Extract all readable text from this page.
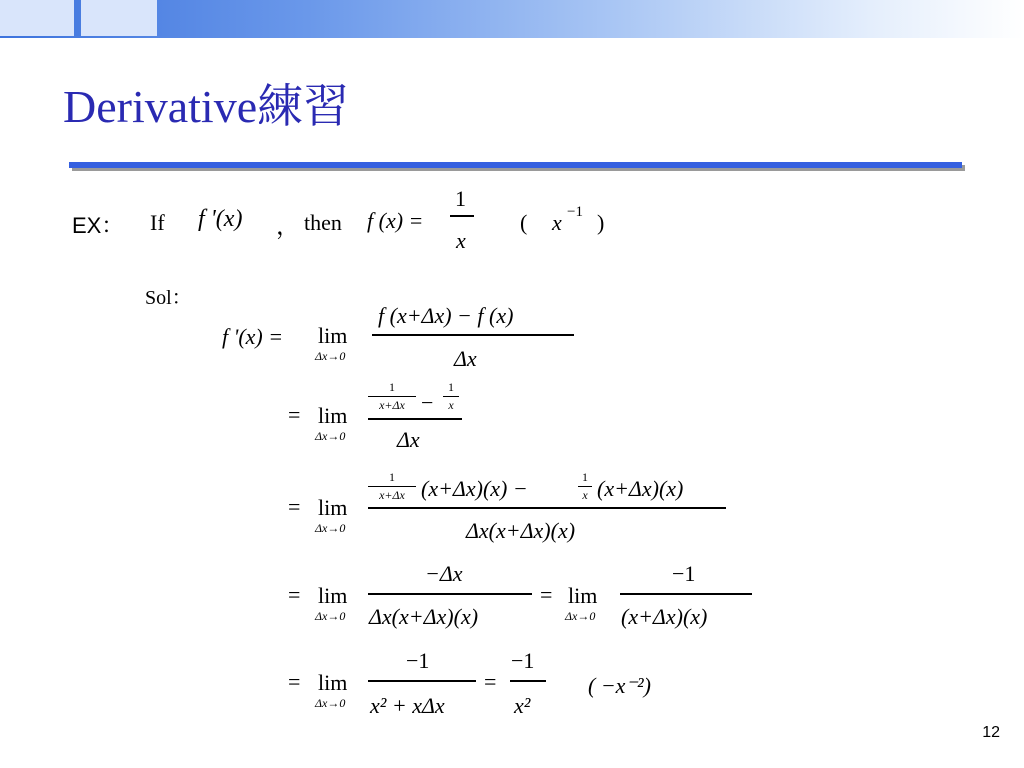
Derivative練習
EX： If f '(x) ， then f (x) =
1
x
( x −1 )
Sol：
f '(x) = lim
Δx→0
f (x+Δx) − f (x)
Δx
= lim
Δx→0
1
x+Δx −
1
x
Δx
= lim
Δx→0
1
x+Δx (x+Δx)(x) −	1
x (x+Δx)(x)
Δx(x+Δx)(x)
= lim
Δx→0
−Δx
Δx(x+Δx)(x)
= lim
Δx→0
−1
(x+Δx)(x)
= lim
Δx→0
−1
x² + xΔx
=
−1
x²
( −x⁻²)
12
